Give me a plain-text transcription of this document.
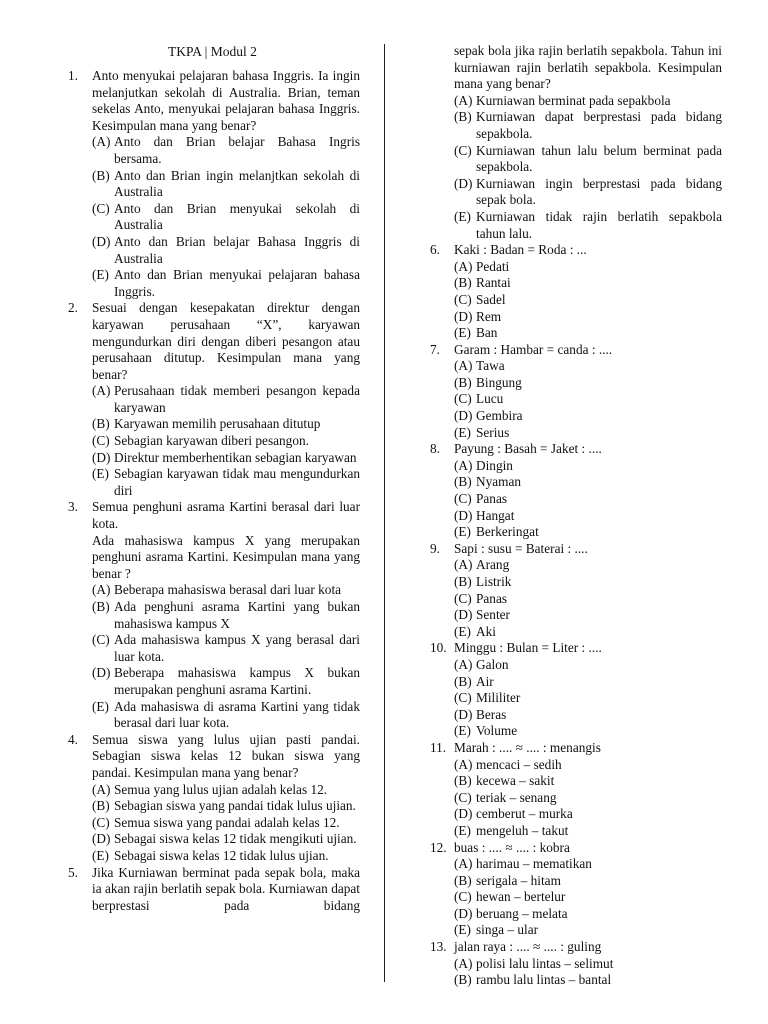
TKPA | Modul 2
1.	Anto menyukai pelajaran bahasa Inggris. Ia ingin melanjutkan sekolah di Australia. Brian, teman sekelas Anto, menyukai pelajaran bahasa Inggris. Kesimpulan mana yang benar?

(A) Anto dan Brian belajar Bahasa Ingris bersama.
(B) Anto dan Brian ingin melanjtkan sekolah di Australia
(C) Anto dan Brian menyukai sekolah di Australia
(D) Anto dan Brian belajar Bahasa Inggris di Australia
(E) Anto dan Brian menyukai pelajaran bahasa Inggris.
2.	Sesuai dengan kesepakatan direktur dengan karyawan perusahaan “X”, karyawan mengundurkan diri dengan diberi pesangon atau perusahaan ditutup. Kesimpulan mana yang benar?

(A) Perusahaan tidak memberi pesangon kepada karyawan
(B) Karyawan memilih perusahaan ditutup
(C) Sebagian karyawan diberi pesangon.
(D) Direktur memberhentikan sebagian karyawan
(E) Sebagian karyawan tidak mau mengundurkan diri
3.	Semua penghuni asrama Kartini berasal dari luar kota.

Ada mahasiswa kampus X yang merupakan penghuni asrama Kartini. Kesimpulan mana yang benar ?

(A) Beberapa mahasiswa berasal dari luar kota
(B) Ada penghuni asrama Kartini yang bukan mahasiswa kampus X
(C) Ada mahasiswa kampus X yang berasal dari luar kota.
(D) Beberapa mahasiswa kampus X bukan merupakan penghuni asrama Kartini.
(E) Ada mahasiswa di asrama Kartini yang tidak berasal dari luar kota.
4.	Semua siswa yang lulus ujian pasti pandai. Sebagian siswa kelas 12 bukan siswa yang pandai. Kesimpulan mana yang benar?

(A) Semua yang lulus ujian adalah kelas 12.
(B) Sebagian siswa yang pandai tidak lulus ujian.
(C) Semua siswa yang pandai adalah kelas 12.
(D) Sebagai siswa kelas 12 tidak mengikuti ujian.
(E) Sebagai siswa kelas 12 tidak lulus ujian.
5.	Jika Kurniawan berminat pada sepak bola, maka ia akan rajin berlatih sepak bola. Kurniawan dapat berprestasi pada bidang

sepak bola jika rajin berlatih sepakbola. Tahun ini kurniawan rajin berlatih sepakbola. Kesimpulan mana yang benar?

(A) Kurniawan berminat pada sepakbola
(B) Kurniawan dapat berprestasi pada bidang sepakbola.
(C) Kurniawan tahun lalu belum berminat pada sepakbola.
(D) Kurniawan ingin berprestasi pada bidang sepak bola.
(E) Kurniawan tidak rajin berlatih sepakbola tahun lalu.
6.	Kaki : Badan = Roda : ...

(A) Pedati
(B) Rantai
(C) Sadel
(D) Rem
(E) Ban
7.	Garam : Hambar = canda : ....

(A) Tawa
(B) Bingung
(C) Lucu
(D) Gembira
(E) Serius
8.	Payung : Basah = Jaket : ....

(A) Dingin
(B) Nyaman
(C) Panas
(D) Hangat
(E) Berkeringat
9.	Sapi : susu = Baterai : ....

(A) Arang
(B) Listrik
(C) Panas
(D) Senter
(E) Aki
10. Minggu : Bulan = Liter : ....

(A) Galon
(B) Air
(C) Mililiter
(D) Beras
(E) Volume
11. Marah : .... ≈ .... : menangis

(A) mencaci – sedih
(B) kecewa – sakit
(C) teriak – senang
(D) cemberut – murka
(E) mengeluh – takut
12. buas : .... ≈ .... : kobra

(A) harimau – mematikan
(B) serigala – hitam
(C) hewan – bertelur
(D) beruang – melata
(E) singa – ular
13. jalan raya : .... ≈ .... : guling

(A) polisi lalu lintas – selimut
(B) rambu lalu lintas – bantal
